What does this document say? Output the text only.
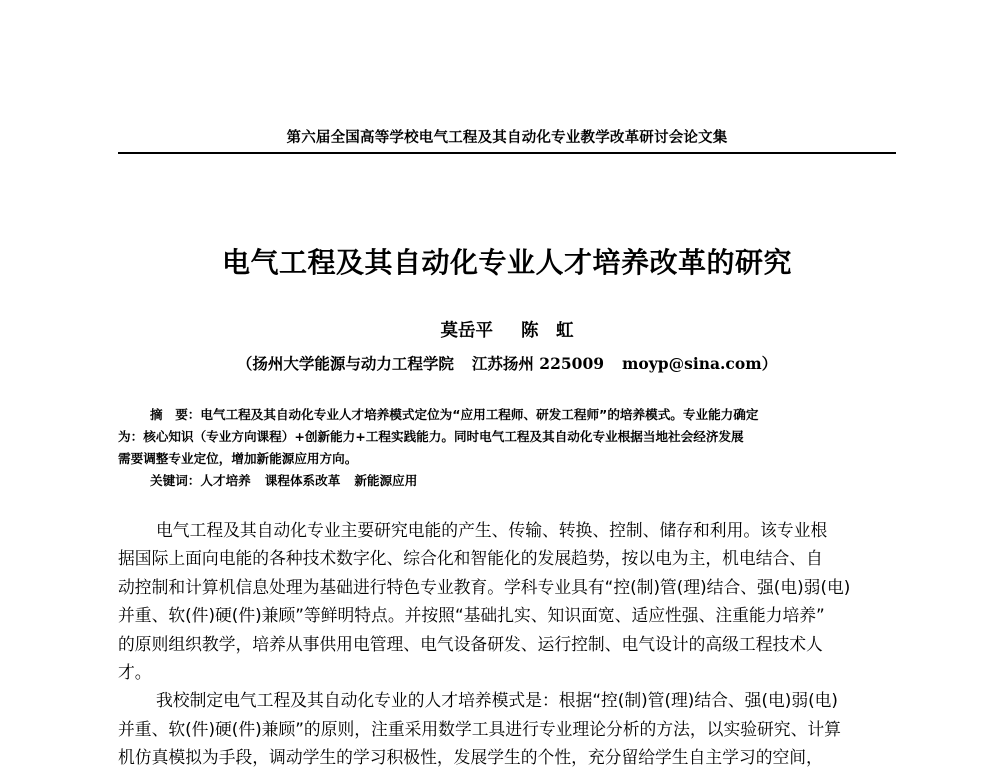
第六届全国高等学校电气工程及其自动化专业教学改革研讨会论文集
电气工程及其自动化专业人才培养改革的研究
莫岳平 陈　虹
（扬州大学能源与动力工程学院 江苏扬州 225009 moyp@sina.com）

摘　要：电气工程及其自动化专业人才培养模式定位为“应用工程师、研发工程师”的培养模式。专业能力确定

为：核心知识（专业方向课程）+创新能力+工程实践能力。同时电气工程及其自动化专业根据当地社会经济发展

需要调整专业定位，增加新能源应用方向。

关键词：人才培养 课程体系改革 新能源应用

电气工程及其自动化专业主要研究电能的产生、传输、转换、控制、储存和利用。该专业根
据国际上面向电能的各种技术数字化、综合化和智能化的发展趋势，按以电为主，机电结合、自
动控制和计算机信息处理为基础进行特色专业教育。学科专业具有“控(制)管(理)结合、强(电)弱(电)
并重、软(件)硬(件)兼顾”等鲜明特点。并按照“基础扎实、知识面宽、适应性强、注重能力培养”
的原则组织教学，培养从事供用电管理、电气设备研发、运行控制、电气设计的高级工程技术人
才。
我校制定电气工程及其自动化专业的人才培养模式是：根据“控(制)管(理)结合、强(电)弱(电)
并重、软(件)硬(件)兼顾”的原则，注重采用数学工具进行专业理论分析的方法，以实验研究、计算
机仿真模拟为手段，调动学生的学习积极性，发展学生的个性，充分留给学生自主学习的空间，
